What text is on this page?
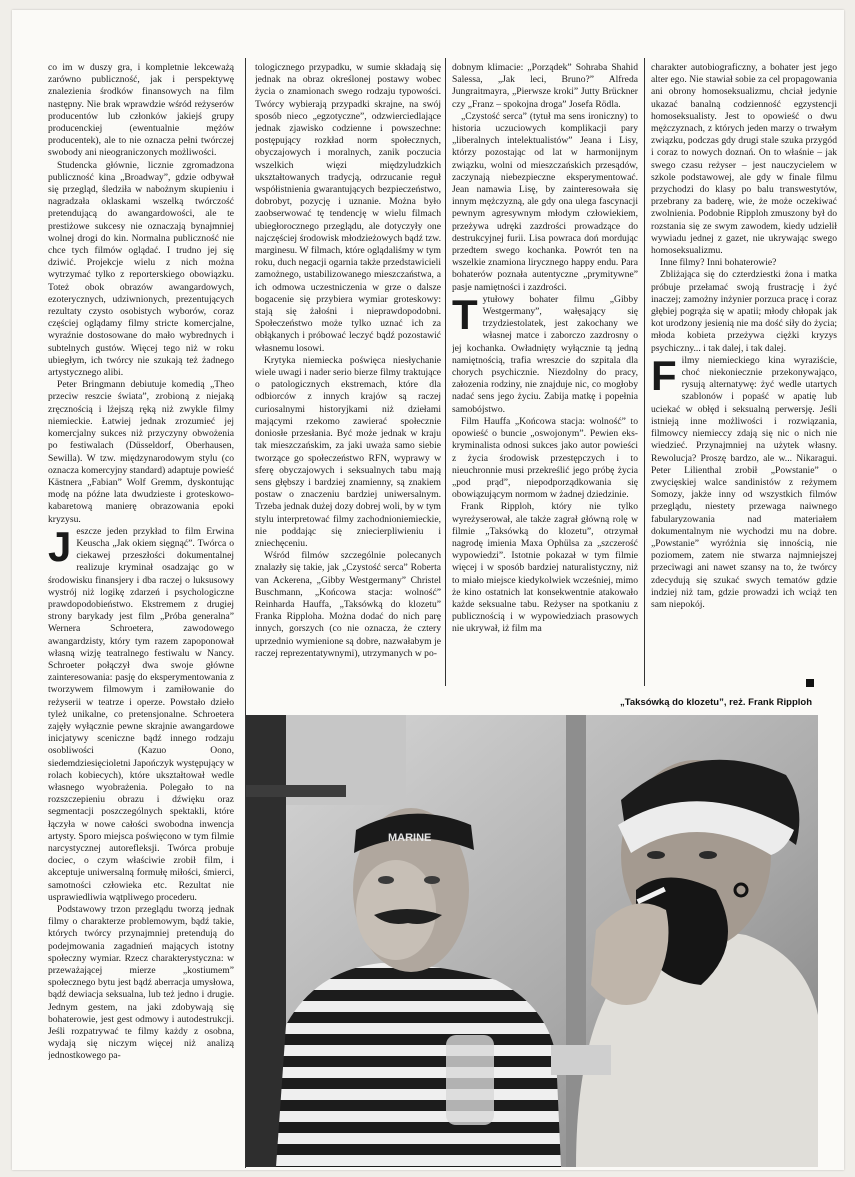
co im w duszy gra, i kompletnie lekceważą zarówno publiczność, jak i perspektywę znalezienia środków finansowych na film następny. Nie brak wprawdzie wśród reżyserów producentów lub członków jakiejś grupy producenckiej (ewentualnie mężów producentek), ale to nie oznacza pełni twórczej swobody ani nieograniczonych możliwości.

Studencka głównie, licznie zgromadzona publiczność kina „Broadway”, gdzie odbywał się przegląd, śledziła w nabożnym skupieniu i nagradzała oklaskami wszelką twórczość pretendującą do awangardowości, ale te prestiżowe sukcesy nie oznaczają bynajmniej wolnej drogi do kin. Normalna publiczność nie chce tych filmów oglądać. I trudno jej się dziwić. Projekcje wielu z nich można wytrzymać tylko z reporterskiego obowiązku. Toteż obok obrazów awangardowych, ezoterycznych, udziwnionych, prezentujących rezultaty czysto osobistych wyborów, coraz częściej oglądamy filmy stricte komercjalne, wyraźnie dostosowane do mało wybrednych i subtelnych gustów. Więcej tego niż w roku ubiegłym, ich twórcy nie szukają też żadnego artystycznego alibi.

Peter Bringmann debiutuje komedią „Theo przeciw reszcie świata”, zrobioną z niejaką zręcznością i lżejszą ręką niż zwykle filmy niemieckie. Łatwiej jednak zrozumieć jej komercjalny sukces niż przyczyny obwożenia po festiwalach (Düsseldorf, Oberhausen, Sewilla). W tzw. międzynarodowym stylu (co oznacza komercyjny standard) adaptuje powieść Kästnera „Fabian” Wolf Gremm, dyskontując modę na późne lata dwudzieste i groteskowo-kabaretową manierę obrazowania epoki kryzysu.

Jeszcze jeden przykład to film Erwina Keuscha „Jak okiem sięgnąć”. Twórca o ciekawej przeszłości dokumentalnej realizuje kryminał osadzając go w środowisku finansjery i dba raczej o luksusowy wystrój niż logikę zdarzeń i psychologiczne prawdopodobieństwo. Ekstremem z drugiej strony barykady jest film „Próba generalna” Wernera Schroetera, zawodowego awangardzisty, który tym razem zapoponował własną wizję teatralnego festiwalu w Nancy. Schroeter połączył dwa swoje główne zainteresowania: pasję do eksperymentowania z tworzywem filmowym i zamiłowanie do reżyserii w teatrze i operze. Powstało dzieło tyleż unikalne, co pretensjonalne. Schroetera zajęły wyłącznie pewne skrajnie awangardowe inicjatywy sceniczne bądź innego rodzaju osobliwości (Kazuo Oono, siedemdziesięcioletni Japończyk występujący w rolach kobiecych), które ukształtował wedle własnego wyobrażenia. Polegało to na rozszczepieniu obrazu i dźwięku oraz segmentacji poszczególnych spektakli, które łączyła w nowe całości swobodna inwencja artysty. Sporo miejsca poświęcono w tym filmie narcystycznej autorefleksji. Twórca probuje dociec, o czym właściwie zrobił film, i akceptuje uniwersalną formułę miłości, śmierci, samotności człowieka etc. Rezultat nie usprawiedliwia wątpliwego procederu.

Podstawowy trzon przeglądu tworzą jednak filmy o charakterze problemowym, bądź takie, których twórcy przynajmniej pretendują do podejmowania zagadnień mających istotny społeczny wymiar. Rzecz charakterystyczna: w przeważającej mierze „kostiumem” społecznego bytu jest bądź aberracja umysłowa, bądź dewiacja seksualna, lub też jedno i drugie. Jednym gestem, na jaki zdobywają się bohaterowie, jest gest odmowy i autodestrukcji. Jeśli rozpatrywać te filmy każdy z osobna, wydają się niczym więcej niż analizą jednostkowego pa-

tologicznego przypadku, w sumie składają się jednak na obraz określonej postawy wobec życia o znamionach swego rodzaju typowości. Twórcy wybierają przypadki skrajne, na swój sposób nieco „egzotyczne”, odzwierciedlające jednak zjawisko codzienne i powszechne: postępujący rozkład norm społecznych, obyczajowych i moralnych, zanik poczucia wszelkich więzi międzyludzkich ukształtowanych tradycją, odrzucanie reguł współistnienia gwarantujących bezpieczeństwo, dobrobyt, pozycję i uznanie. Można było zaobserwować tę tendencję w wielu filmach ubiegłorocznego przeglądu, ale dotyczyły one najczęściej środowisk młodzieżowych bądź tzw. marginesu. W filmach, które oglądaliśmy w tym roku, duch negacji ogarnia także przedstawicieli zamożnego, ustabilizowanego mieszczaństwa, a ich odmowa uczestniczenia w grze o dalsze bogacenie się przybiera wymiar groteskowy: stają się żałośni i nieprawdopodobni. Społeczeństwo może tylko uznać ich za obłąkanych i próbować leczyć bądź pozostawić własnemu losowi.

Krytyka niemiecka poświęca niesłychanie wiele uwagi i nader serio bierze filmy traktujące o patologicznych ekstremach, które dla odbiorców z innych krajów są raczej curiosalnymi historyjkami niż dziełami mającymi rzekomo zawierać społecznie doniosłe przesłania. Być może jednak w kraju tak mieszczańskim, za jaki uważa samo siebie tworzące go społeczeństwo RFN, wyprawy w sferę obyczajowych i seksualnych tabu mają sens głębszy i bardziej znamienny, są znakiem postaw o znaczeniu bardziej uniwersalnym. Trzeba jednak dużej dozy dobrej woli, by w tym stylu interpretować filmy zachodnioniemieckie, nie poddając się zniecierpliwieniu i zniechęceniu.

Wśród filmów szczególnie polecanych znalazły się takie, jak „Czystość serca” Roberta van Ackerena, „Gibby Westgermany” Christel Buschmann, „Końcowa stacja: wolność” Reinharda Hauffa, „Taksówką do klozetu” Franka Ripploha. Można dodać do nich parę innych, gorszych (co nie oznacza, że cztery uprzednio wymienione są dobre, nazwałabym je raczej reprezentatywnymi), utrzymanych w po-

dobnym klimacie: „Porządek” Sohraba Shahid Salessa, „Jak leci, Bruno?” Alfreda Jungraitmayra, „Pierwsze kroki” Jutty Brückner czy „Franz – spokojna droga” Josefa Rödla.

„Czystość serca” (tytuł ma sens ironiczny) to historia uczuciowych komplikacji pary „liberalnych intelektualistów” Jeana i Lisy, którzy pozostając od lat w harmonijnym związku, wolni od mieszczańskich przesądów, zaczynają niebezpieczne eksperymentować. Jean namawia Lisę, by zainteresowała się innym mężczyzną, ale gdy ona ulega fascynacji pewnym agresywnym młodym człowiekiem, przeżywa udręki zazdrości prowadzące do destrukcyjnej furii. Lisa powraca doń mordując przedtem swego kochanka. Powrót ten na wszelkie znamiona lirycznego happy endu. Para bohaterów poznała autentyczne „prymitywne” pasje namiętności i zazdrości.

Tytułowy bohater filmu „Gibby Westgermany”, wałęsający się trzydziestolatek, jest zakochany we własnej matce i zaborczo zazdrosny o jej kochanka. Owładnięty wyłącznie tą jedną namiętnością, trafia wreszcie do szpitala dla chorych psychicznie. Niezdolny do pracy, załozenia rodziny, nie znajduje nic, co mogłoby nadać sens jego życiu. Zabija matkę i popełnia samobójstwo.

Film Hauffa „Końcowa stacja: wolność” to opowieść o buncie „oswojonym”. Pewien eks-kryminalista odnosi sukces jako autor powieści z życia środowisk przestępczych i to nieuchronnie musi przekreślić jego próbę życia „pod prąd”, niepodporządkowania się obowiązującym normom w żadnej dziedzinie.

Frank Ripploh, który nie tylko wyreżyserował, ale także zagrał główną rolę w filmie „Taksówką do klozetu”, otrzymał nagrodę imienia Maxa Ophülsa za „szczerość wypowiedzi”. Istotnie pokazał w tym filmie więcej i w sposób bardziej naturalistyczny, niż to miało miejsce kiedykolwiek wcześniej, mimo że kino ostatnich lat konsekwentnie atakowało każde seksualne tabu. Reżyser na spotkaniu z publicznością i w wypowiedziach prasowych nie ukrywał, iż film ma

charakter autobiograficzny, a bohater jest jego alter ego. Nie stawiał sobie za cel propagowania ani obrony homoseksualizmu, chciał jedynie ukazać banalną codzienność egzystencji homoseksualisty. Jest to opowieść o dwu mężczyznach, z których jeden marzy o trwałym związku, podczas gdy drugi stale szuka przygód i coraz to nowych doznań. On to właśnie – jak swego czasu reżyser – jest nauczycielem w szkole podstawowej, ale gdy w finale filmu przychodzi do klasy po balu transwestytów, przebrany za baderę, wie, że może oczekiwać zwolnienia. Podobnie Ripploh zmuszony był do rozstania się ze swym zawodem, kiedy udzielił wywiadu jednej z gazet, nie ukrywając swego homoseksualizmu.

Inne filmy? Inni bohaterowie?

Zbliżająca się do czterdziestki żona i matka próbuje przełamać swoją frustrację i żyć inaczej; zamożny inżynier porzuca pracę i coraz głębiej pogrąża się w apatii; młody chłopak jak kot urodzony jesienią nie ma dość siły do życia; młoda kobieta przeżywa ciężki kryzys psychiczny... i tak dalej, i tak dalej.

Filmy niemieckiego kina wyraziście, choć niekoniecznie przekonywająco, rysują alternatywę: żyć wedle utartych szablonów i popaść w apatię lub uciekać w obłęd i seksualną perwersję. Jeśli istnieją inne możliwości i rozwiązania, filmowcy niemieccy zdają się nic o nich nie wiedzieć. Przynajmniej na użytek własny. Rewolucja? Proszę bardzo, ale w... Nikaragui. Peter Lilienthal zrobił „Powstanie” o zwycięskiej walce sandinistów z reżymem Somozy, jakże inny od wszystkich filmów przeglądu, niestety przewaga naiwnego fabularyzowania nad materiałem dokumentalnym nie wychodzi mu na dobre. „Powstanie” wyróżnia się innością, nie poziomem, zatem nie stwarza najmniejszej przeciwagi ani nawet szansy na to, że twórcy zdecydują się szukać swych tematów gdzie indziej niż tam, gdzie prowadzi ich wciąż ten sam niepokój.

„Taksówką do klozetu”, reż. Frank Ripploh
MARINE
